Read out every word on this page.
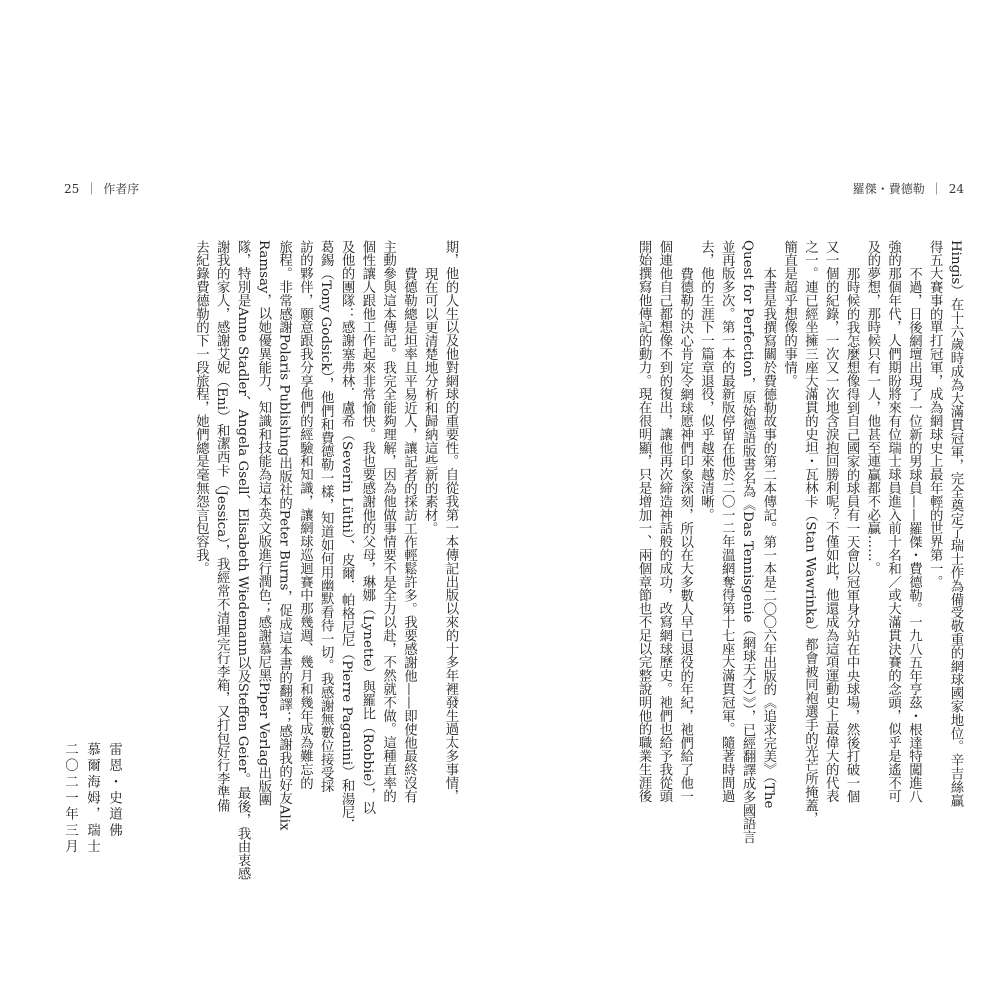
羅傑・費德勒 ｜ 24
Hingis）在十六歲時成為大滿貫冠軍，完全奠定了瑞士作為備受敬重的網球國家地位。辛吉絲贏
得五大賽事的單打冠軍，成為網球史上最年輕的世界第一。
不過，日後網壇出現了一位新的男球員——羅傑・費德勒。一九八五年亨茲・根達特闖進八
強的那個年代，人們期盼將來有位瑞士球員進入前十名和／或大滿貫決賽的念頭，似乎是遙不可
及的夢想，那時候只有一人，他甚至連贏都不必贏……。
那時候的我怎麼想像得到自己國家的球員有一天會以冠軍身分站在中央球場，然後打破一個
又一個的紀錄，一次又一次地含淚抱回勝利呢？不僅如此，他還成為這項運動史上最偉大的代表
之一。連已經坐擁三座大滿貫的史坦・瓦林卡（Stan Wawrinka）都會被同袍選手的光芒所掩蓋，
簡直是超乎想像的事情。
本書是我撰寫關於費德勒故事的第二本傳記。第一本是二〇〇六年出版的《追求完美》（The
Quest for Perfection，原始德語版書名為《Das Tennisgenie（網球天才）》），已經翻譯成多國語言
並再版多次。第一本的最新版停留在他於二〇一二年溫網奪得第十七座大滿貫冠軍。隨著時間過
去，他的生涯下一篇章退役，似乎越來越清晰。
費德勒的決心肯定令網球愿神們印象深刻，所以在大多數人早已退役的年紀，祂們給了他一
個連他自己都想像不到的復出，讓他再次締造神話般的成功，改寫網球歷史。祂們也給予我從頭
開始撰寫他傳記的動力。現在很明顯，只是增加一、兩個章節也不足以完整說明他的職業生涯後
25 ｜ 作者序
期，他的人生以及他對網球的重要性。自從我第一本傳記出版以來的十多年裡發生過太多事情，
現在可以更清楚地分析和歸納這些新的素材。
費德勒總是坦率且平易近人，讓記者的採訪工作輕鬆許多。我要感謝他——即使他最終沒有
主動參與這本傳記。我完全能夠理解，因為他做事情要不是全力以赴，不然就不做。這種直率的
個性讓人跟他工作起來非常愉快。我也要感謝他的父母，琳娜（Lynette）與羅比（Robbie），以
及他的團隊：感謝塞弗林．盧希（Severin Lüthi）、皮爾．帕格尼尼（Pierre Paganini）和湯尼．
葛錫（Tony Godsick），他們和費德勒一樣，知道如何用幽默看待一切。我感謝無數位接受採
訪的夥伴，願意跟我分享他們的經驗和知識，讓網球巡迴賽中那幾週、幾月和幾年成為難忘的
旅程。非常感謝Polaris Publishing出版社的Peter Burns，促成這本書的翻譯；感謝我的好友Alix
Ramsay，以她優異能力、知識和技能為這本英文版進行潤色；感謝慕尼黑Piper Verlag出版團
隊，特別是Anne Stadler、Angela Gsell、Elisabeth Wiedemann以及Steffen Geier。最後，我由衷感
謝我的家人，感謝艾妮（Eni）和潔西卡（Jessica），我經常不清理完行李箱，又打包好行李準備
去紀錄費德勒的下一段旅程，她們總是毫無怨言包容我。
雷恩・史道佛
慕爾海姆，瑞士
二〇二一年三月
